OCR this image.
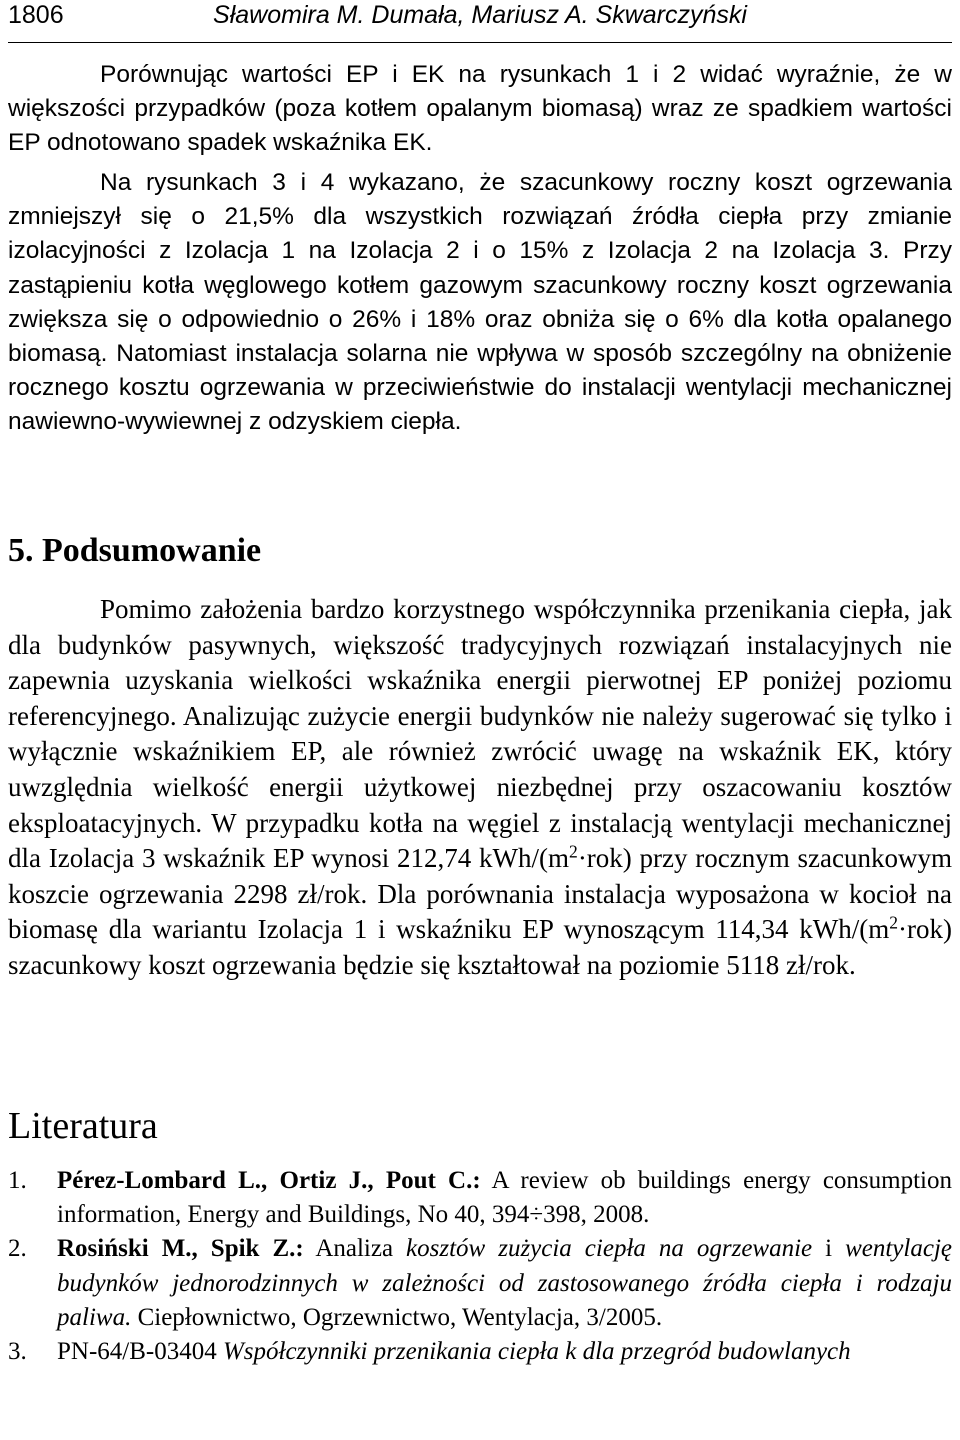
1806	Sławomira M. Dumała, Mariusz A. Skwarczyński

Porównując wartości EP i EK na rysunkach 1 i 2 widać wyraźnie, że w większości przypadków (poza kotłem opalanym biomasą) wraz ze spadkiem wartości EP odnotowano spadek wskaźnika EK.

Na rysunkach 3 i 4 wykazano, że szacunkowy roczny koszt ogrzewania zmniejszył się o 21,5% dla wszystkich rozwiązań źródła ciepła przy zmianie izolacyjności z Izolacja 1 na Izolacja 2 i o 15% z Izolacja 2 na Izolacja 3. Przy zastąpieniu kotła węglowego kotłem gazowym szacunkowy roczny koszt ogrzewania zwiększa się o odpowiednio o 26% i 18% oraz obniża się o 6% dla kotła opalanego biomasą. Natomiast instalacja solarna nie wpływa w sposób szczególny na obniżenie rocznego kosztu ogrzewania w przeciwieństwie do instalacji wentylacji mechanicznej nawiewno-wywiewnej z odzyskiem ciepła.

5. Podsumowanie

Pomimo założenia bardzo korzystnego współczynnika przenikania ciepła, jak dla budynków pasywnych, większość tradycyjnych rozwiązań instalacyjnych nie zapewnia uzyskania wielkości wskaźnika energii pierwotnej EP poniżej poziomu referencyjnego. Analizując zużycie energii budynków nie należy sugerować się tylko i wyłącznie wskaźnikiem EP, ale również zwrócić uwagę na wskaźnik EK, który uwzględnia wielkość energii użytkowej niezbędnej przy oszacowaniu kosztów eksploatacyjnych. W przypadku kotła na węgiel z instalacją wentylacji mechanicznej dla Izolacja 3 wskaźnik EP wynosi 212,74 kWh/$(m^2\cdot rok)$ przy rocznym szacunkowym koszcie ogrzewania 2298 zł/rok. Dla porównania instalacja wyposażona w kocioł na biomasę dla wariantu Izolacja 1 i wskaźniku EP wynoszącym 114,34 kWh/$(m^2\cdot rok)$ szacunkowy koszt ogrzewania będzie się kształtował na poziomie 5118 zł/rok.

Literatura
1. Pérez-Lombard L., Ortiz J., Pout C.: A review ob buildings energy consumption information, Energy and Buildings, No 40, 394÷398, 2008.
2. Rosiński M., Spik Z.: Analiza kosztów zużycia ciepła na ogrzewanie i wentylację budynków jednorodzinnych w zależności od zastosowanego źródła ciepła i rodzaju paliwa. Ciepłownictwo, Ogrzewnictwo, Wentylacja, 3/2005.
3. PN-64/B-03404 Współczynniki przenikania ciepła k dla przegród budowlanych
